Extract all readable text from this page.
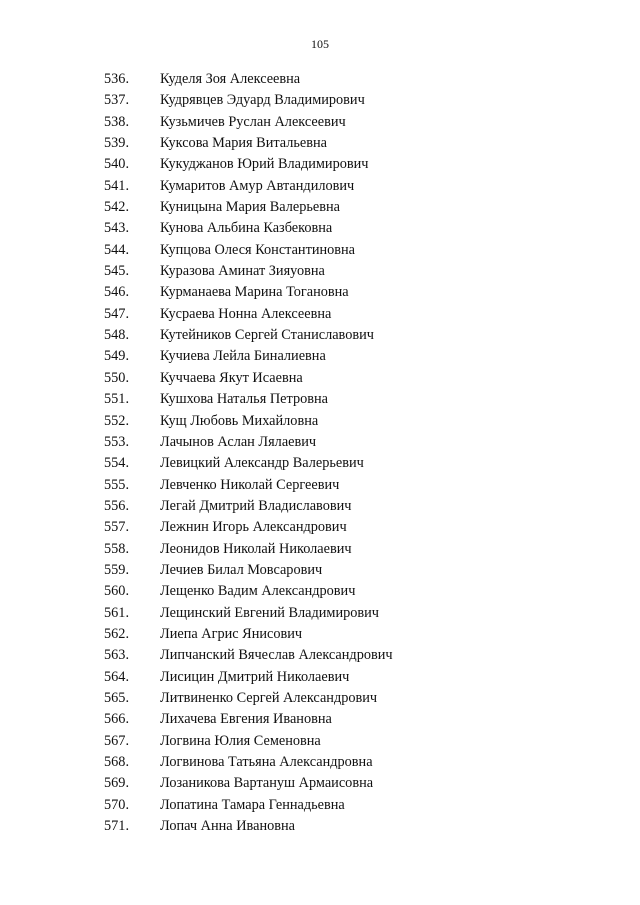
105
536. Куделя Зоя Алексеевна
537. Кудрявцев Эдуард Владимирович
538. Кузьмичев Руслан Алексеевич
539. Куксова Мария Витальевна
540. Кукуджанов Юрий Владимирович
541. Кумаритов Амур Автандилович
542. Куницына Мария Валерьевна
543. Кунова Альбина Казбековна
544. Купцова Олеся Константиновна
545. Куразова Аминат Зияуовна
546. Курманаева Марина Тогановна
547. Кусраева Нонна Алексеевна
548. Кутейников Сергей Станиславович
549. Кучиева Лейла Биналиевна
550. Куччаева Якут Исаевна
551. Кушхова Наталья Петровна
552. Кущ Любовь Михайловна
553. Лачынов Аслан Лялаевич
554. Левицкий Александр Валерьевич
555. Левченко Николай Сергеевич
556. Легай Дмитрий Владиславович
557. Лежнин Игорь Александрович
558. Леонидов Николай Николаевич
559. Лечиев Билал Мовсарович
560. Лещенко Вадим Александрович
561. Лещинский Евгений Владимирович
562. Лиепа Агрис Янисович
563. Липчанский Вячеслав Александрович
564. Лисицин Дмитрий Николаевич
565. Литвиненко Сергей Александрович
566. Лихачева Евгения Ивановна
567. Логвина Юлия Семеновна
568. Логвинова Татьяна Александровна
569. Лозаникова Вартануш Армаисовна
570. Лопатина Тамара Геннадьевна
571. Лопач Анна Ивановна
